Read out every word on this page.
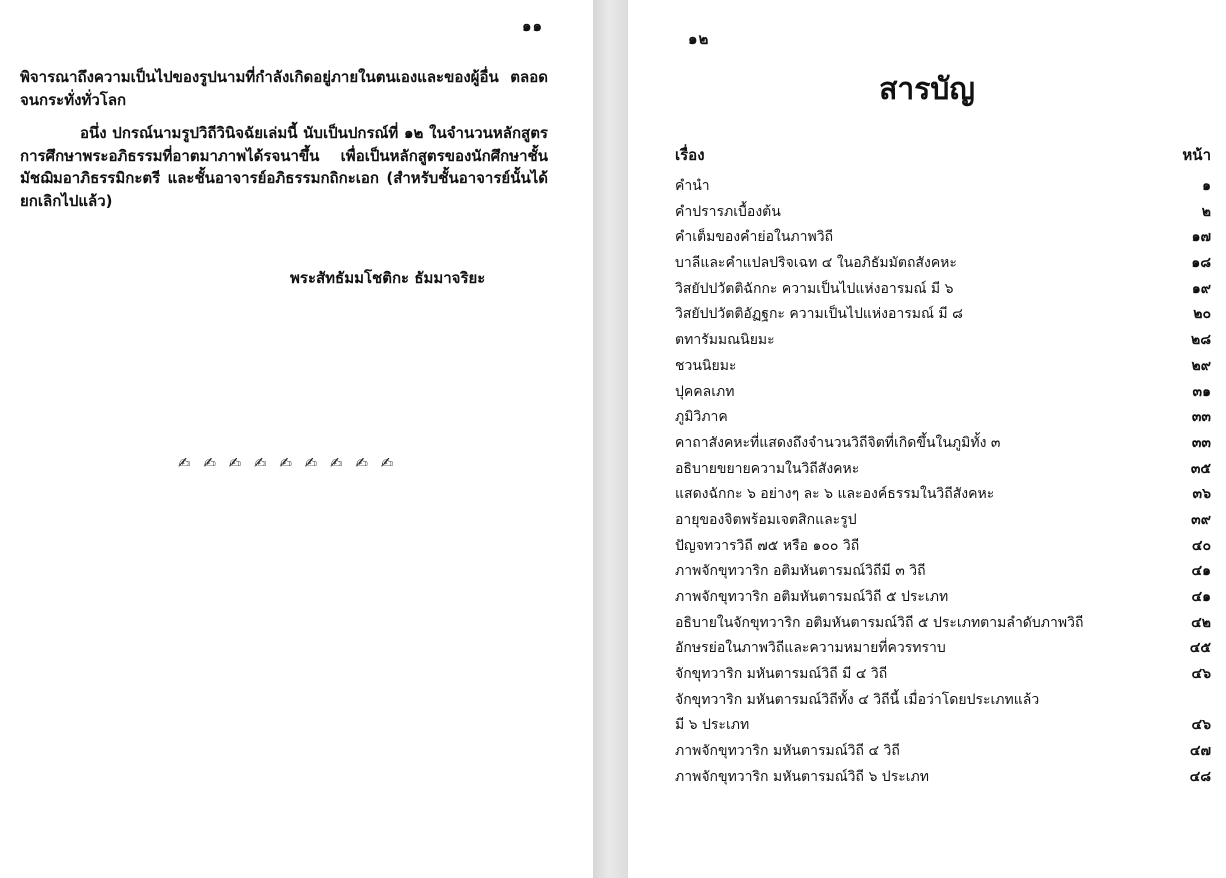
๑๑
พิจารณาถึงความเป็นไปของรูปนามที่กำลังเกิดอยู่ภายในตนเองและของผู้อื่น ตลอดจนกระทั่งทั่วโลก
อนึ่ง ปกรณ์นามรูปวิถีวินิจฉัยเล่มนี้ นับเป็นปกรณ์ที่ ๑๒ ในจำนวนหลักสูตรการศึกษาพระอภิธรรมที่อาตมาภาพได้รจนาขึ้น เพื่อเป็นหลักสูตรของนักศึกษาชั้นมัชฌิมอาภิธรรมิกะตรี และชั้นอาจารย์อภิธรรมกถิกะเอก (สำหรับชั้นอาจารย์นั้นได้ยกเลิกไปแล้ว)
พระสัทธัมมโชติกะ ธัมมาจริยะ
✍ ✍ ✍ ✍ ✍ ✍ ✍ ✍ ✍
๑๒
สารบัญ
เรื่อง	หน้า
คำนำ	๑
คำปรารภเบื้องต้น	๒
คำเต็มของคำย่อในภาพวิถี	๑๗
บาลีและคำแปลปริจเฉท ๔ ในอภิธัมมัตถสังคหะ	๑๘
วิสยัปปวัตติฉักกะ ความเป็นไปแห่งอารมณ์ มี ๖	๑๙
วิสยัปปวัตติอัฏฐกะ ความเป็นไปแห่งอารมณ์ มี ๘	๒๐
ตทารัมมณนิยมะ	๒๘
ชวนนิยมะ	๒๙
ปุคคลเภท	๓๑
ภูมิวิภาค	๓๓
คาถาสังคหะที่แสดงถึงจำนวนวิถีจิตที่เกิดขึ้นในภูมิทั้ง ๓	๓๓
อธิบายขยายความในวิถีสังคหะ	๓๕
แสดงฉักกะ ๖ อย่างๆ ละ ๖ และองค์ธรรมในวิถีสังคหะ	๓๖
อายุของจิตพร้อมเจตสิกและรูป	๓๙
ปัญจทวารวิถี ๗๕ หรือ ๑๐๐ วิถี	๔๐
ภาพจักขุทวาริก อติมหันตารมณ์วิถีมี ๓ วิถี	๔๑
ภาพจักขุทวาริก อติมหันตารมณ์วิถี ๕ ประเภท	๔๑
อธิบายในจักขุทวาริก อติมหันตารมณ์วิถี ๕ ประเภทตามลำดับภาพวิถี	๔๒
อักษรย่อในภาพวิถีและความหมายที่ควรทราบ	๔๕
จักขุทวาริก มหันตารมณ์วิถี มี ๔ วิถี	๔๖
จักขุทวาริก มหันตารมณ์วิถีทั้ง ๔ วิถีนี้ เมื่อว่าโดยประเภทแล้ว
มี ๖ ประเภท	๔๖
ภาพจักขุทวาริก มหันตารมณ์วิถี ๔ วิถี	๔๗
ภาพจักขุทวาริก มหันตารมณ์วิถี ๖ ประเภท	๔๘
